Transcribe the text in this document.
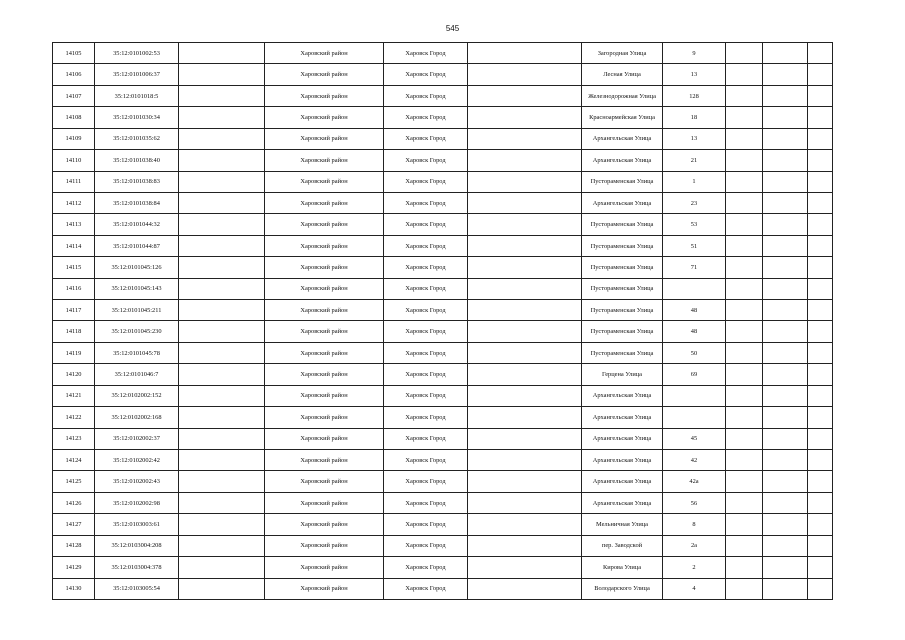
545
14105	35:12:0101002:53		Харовский район	Харовск Город		Загородная Улица	9			
14106	35:12:0101006:37		Харовский район	Харовск Город		Лесная Улица	13			
14107	35:12:0101018:5		Харовский район	Харовск Город		Железнодорожная Улица	128			
14108	35:12:0101030:34		Харовский район	Харовск Город		Красноармейская Улица	18			
14109	35:12:0101035:62		Харовский район	Харовск Город		Архангельская Улица	13			
14110	35:12:0101038:40		Харовский район	Харовск Город		Архангельская Улица	21			
14111	35:12:0101038:83		Харовский район	Харовск Город		Пустораменская Улица	1			
14112	35:12:0101038:84		Харовский район	Харовск Город		Архангельская Улица	23			
14113	35:12:0101044:32		Харовский район	Харовск Город		Пустораменская Улица	53			
14114	35:12:0101044:87		Харовский район	Харовск Город		Пустораменская Улица	51			
14115	35:12:0101045:126		Харовский район	Харовск Город		Пустораменская Улица	71			
14116	35:12:0101045:143		Харовский район	Харовск Город		Пустораменская Улица				
14117	35:12:0101045:211		Харовский район	Харовск Город		Пустораменская Улица	48			
14118	35:12:0101045:230		Харовский район	Харовск Город		Пустораменская Улица	48			
14119	35:12:0101045:78		Харовский район	Харовск Город		Пустораменская Улица	50			
14120	35:12:0101046:7		Харовский район	Харовск Город		Герцена Улица	69			
14121	35:12:0102002:152		Харовский район	Харовск Город		Архангельская Улица				
14122	35:12:0102002:168		Харовский район	Харовск Город		Архангельская Улица				
14123	35:12:0102002:37		Харовский район	Харовск Город		Архангельская Улица	45			
14124	35:12:0102002:42		Харовский район	Харовск Город		Архангельская Улица	42			
14125	35:12:0102002:43		Харовский район	Харовск Город		Архангельская Улица	42а			
14126	35:12:0102002:98		Харовский район	Харовск Город		Архангельская Улица	56			
14127	35:12:0103003:61		Харовский район	Харовск Город		Мельничная Улица	8			
14128	35:12:0103004:208		Харовский район	Харовск Город		пер. Заводской	2а			
14129	35:12:0103004:378		Харовский район	Харовск Город		Кирова Улица	2			
14130	35:12:0103005:54		Харовский район	Харовск Город		Володарского Улица	4			
